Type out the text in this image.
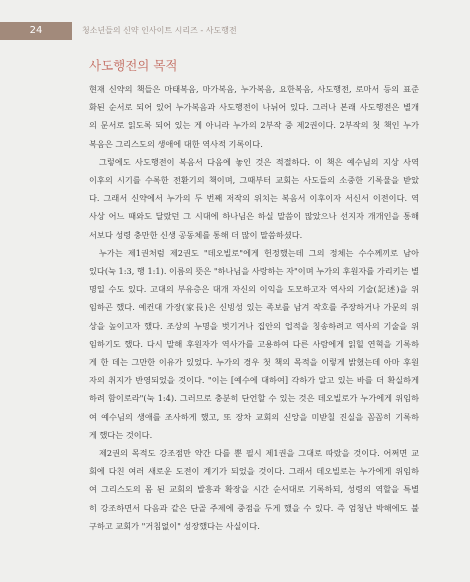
24	청소년들의 신약 인사이트 시리즈 - 사도행전
사도행전의 목적

현재 신약의 책들은 마태복음, 마가복음, 누가복음, 요한복음, 사도행전, 로마서 등의 표준
화된 순서로 되어 있어 누가복음과 사도행전이 나뉘어 있다. 그러나 본래 사도행전은 별개
의 문서로 읽도록 되어 있는 게 아니라 누가의 2부작 중 제2권이다. 2부작의 첫 책인 누가
복음은 그리스도의 생애에 대한 역사적 기록이다.

그렇에도 사도행전이 복음서 다음에 놓인 것은 적절하다. 이 책은 예수님의 지상 사역
이후의 시기를 수록한 전환기의 책이며, 그때부터 교회는 사도들의 소중한 기록물을 받았
다. 그래서 신약에서 누가의 두 번째 저작의 위치는 복음서 이후이자 서신서 이전이다. 역
사상 어느 때와도 달랐던 그 시대에 하나님은 하실 말씀이 많았으나 선지자 개개인을 통해
서보다 성령 충만한 신생 공동체를 통해 더 많이 말씀하셨다.

누가는 제1권처럼 제2권도 "데오빌로"에게 헌정했는데 그의 정체는 수수께끼로 남아
있다(눅 1:3, 행 1:1). 이름의 뜻은 "하나님을 사랑하는 자"이며 누가의 후원자를 가리키는 별
명일 수도 있다. 고대의 부유층은 대개 자신의 이익을 도모하고자 역사의 기술(記述)을 위
임하곤 했다. 예컨대 가장(家長)은 신빙성 있는 족보를 남겨 작호를 주장하거나 가문의 위
상을 높이고자 했다. 조상의 누명을 벗기거나 집안의 업적을 칭송하려고 역사의 기술을 위
임하기도 했다. 다시 말해 후원자가 역사가를 고용하여 다른 사람에게 읽힐 연혁을 기록하
게 한 데는 그만한 이유가 있었다. 누가의 경우 첫 책의 목적을 이렇게 밝혔는데 아마 후원
자의 취지가 반영되었을 것이다. "이는 [예수에 대하여] 각하가 알고 있는 바를 더 확실하게
하려 함이로라"(눅 1:4). 그러므로 충분히 단언할 수 있는 것은 데오빌로가 누가에게 위임하
여 예수님의 생애를 조사하게 했고, 또 장차 교회의 신앙을 미받칠 진실을 꼼꼼히 기록하
게 했다는 것이다.

제2권의 목적도 강조점만 약간 다를 뿐 필시 제1권을 그대로 따랐을 것이다. 어쩌면 교
회에 다친 여러 새로운 도전이 계기가 되었을 것이다. 그래서 데오빌로는 누가에게 위임하
여 그리스도의 몸 된 교회의 발흥과 확장을 시간 순서대로 기록하되, 성령의 역할을 특별
히 강조하면서 다음과 같은 단골 주제에 중점을 두게 했을 수 있다. 즉 엄청난 박해에도 불
구하고 교회가 "거침없이" 성장했다는 사실이다.
